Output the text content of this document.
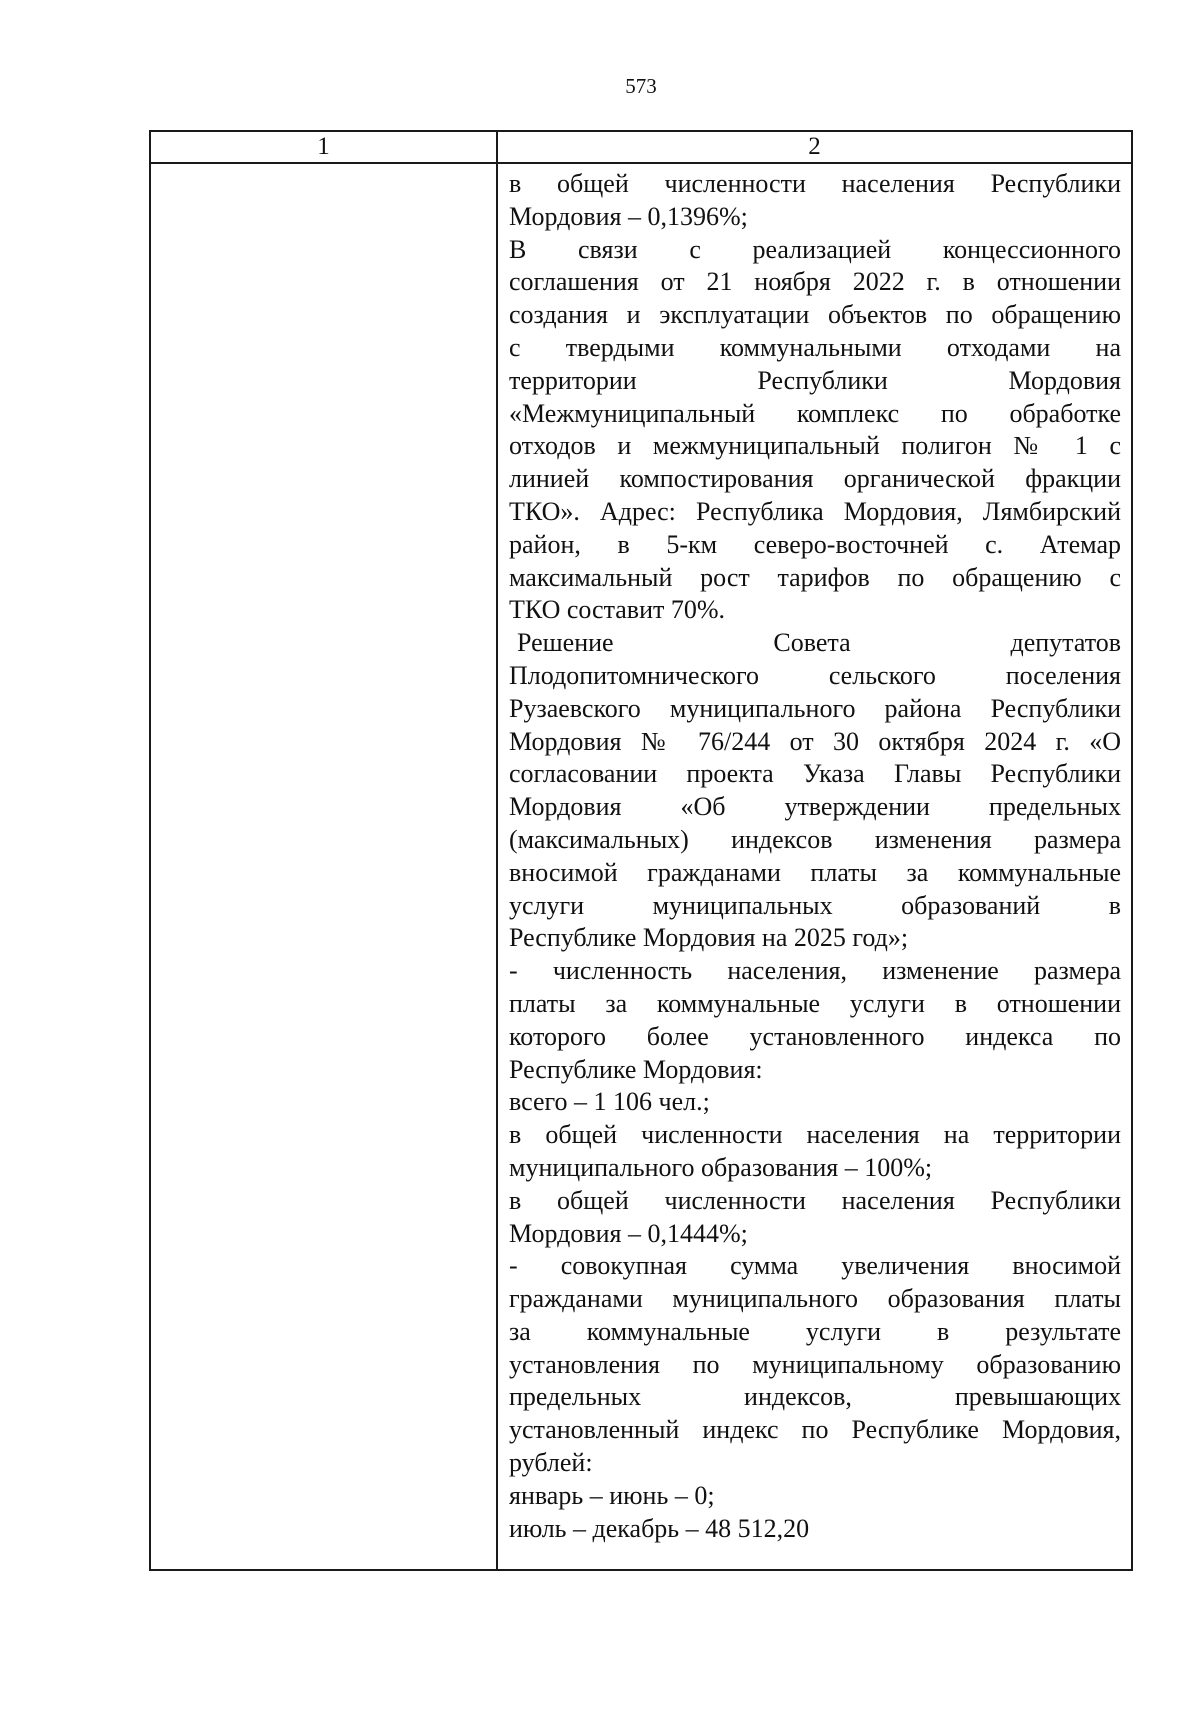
573
1	2
в общей численности населения Республики
Мордовия – 0,1396%;
В связи с реализацией концессионного
соглашения от 21 ноября 2022 г. в отношении
создания и эксплуатации объектов по обращению
с твердыми коммунальными отходами на
территории Республики Мордовия
«Межмуниципальный комплекс по обработке
отходов и межмуниципальный полигон № 1 с
линией компостирования органической фракции
ТКО». Адрес: Республика Мордовия, Лямбирский
район, в 5-км северо-восточней с. Атемар
максимальный рост тарифов по обращению с
ТКО составит 70%.
Решение Совета депутатов
Плодопитомнического сельского поселения
Рузаевского муниципального района Республики
Мордовия № 76/244 от 30 октября 2024 г. «О
согласовании проекта Указа Главы Республики
Мордовия «Об утверждении предельных
(максимальных) индексов изменения размера
вносимой гражданами платы за коммунальные
услуги муниципальных образований в
Республике Мордовия на 2025 год»;
- численность населения, изменение размера
платы за коммунальные услуги в отношении
которого более установленного индекса по
Республике Мордовия:
всего – 1 106 чел.;
в общей численности населения на территории
муниципального образования – 100%;
в общей численности населения Республики
Мордовия – 0,1444%;
- совокупная сумма увеличения вносимой
гражданами муниципального образования платы
за коммунальные услуги в результате
установления по муниципальному образованию
предельных индексов, превышающих
установленный индекс по Республике Мордовия,
рублей:
январь – июнь – 0;
июль – декабрь – 48 512,20
